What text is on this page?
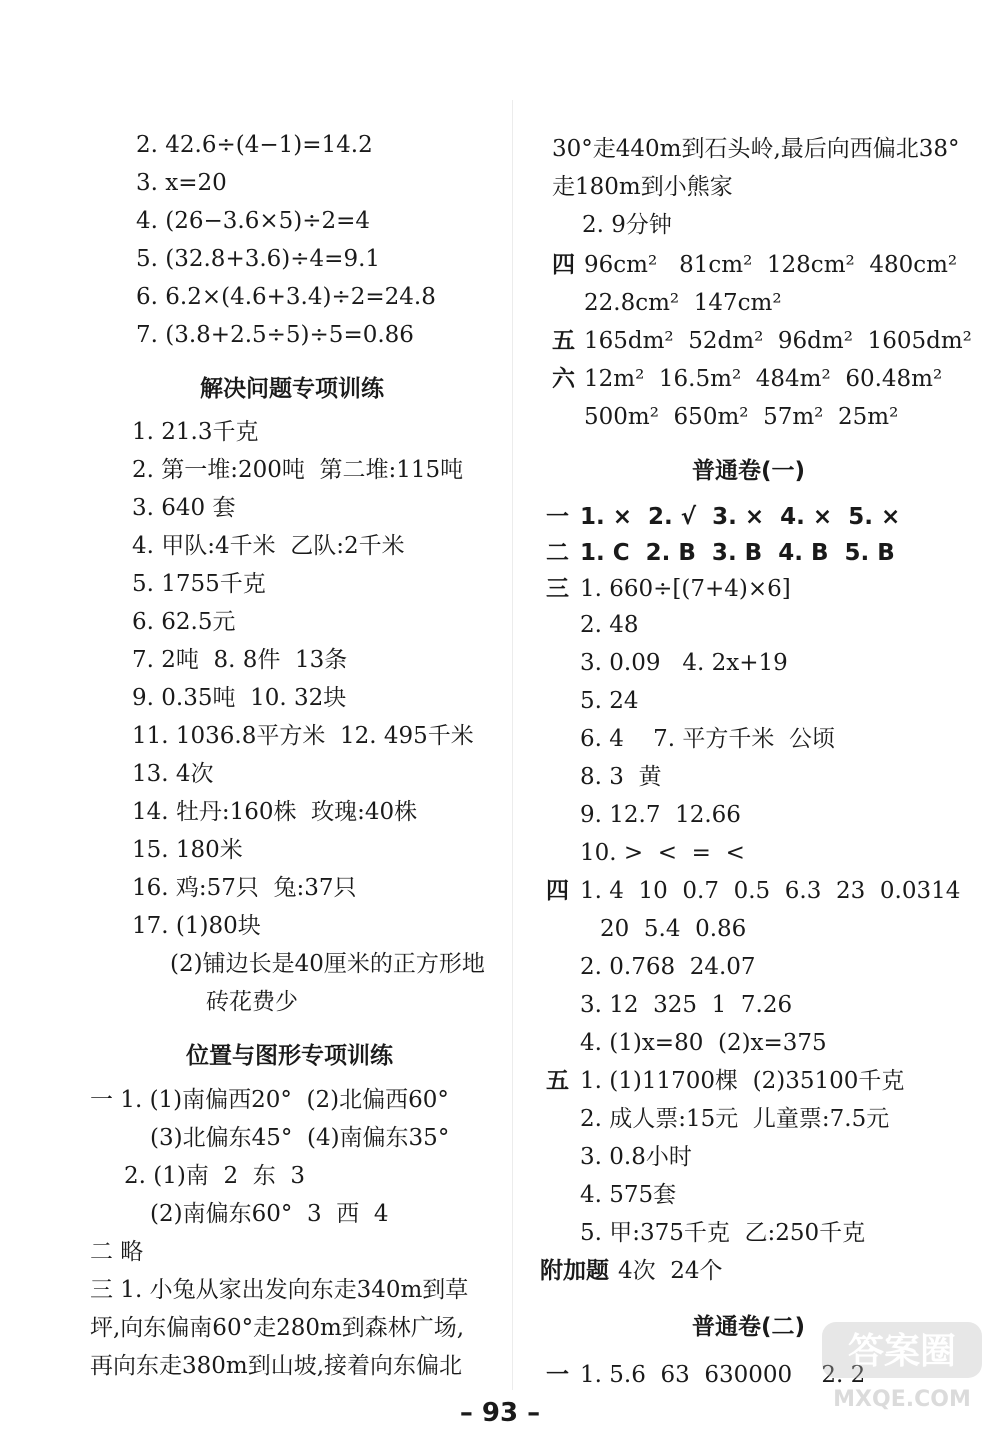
2. 42.6÷(4−1)=14.2
3. x=20
4. (26−3.6×5)÷2=4
5. (32.8+3.6)÷4=9.1
6. 6.2×(4.6+3.4)÷2=24.8
7. (3.8+2.5÷5)÷5=0.86
解决问题专项训练
1. 21.3千克
2. 第一堆:200吨  第二堆:115吨
3. 640 套
4. 甲队:4千米  乙队:2千米
5. 1755千克
6. 62.5元
7. 2吨  8. 8件  13条
9. 0.35吨  10. 32块
11. 1036.8平方米  12. 495千米
13. 4次
14. 牡丹:160株  玫瑰:40株
15. 180米
16. 鸡:57只  兔:37只
17. (1)80块
(2)铺边长是40厘米的正方形地
砖花费少
位置与图形专项训练
一 1. (1)南偏西20°  (2)北偏西60°
(3)北偏东45°  (4)南偏东35°
2. (1)南  2  东  3
(2)南偏东60°  3  西  4
二 略
三 1. 小兔从家出发向东走340m到草
坪,向东偏南60°走280m到森林广场,
再向东走380m到山坡,接着向东偏北
30°走440m到石头岭,最后向西偏北38°
走180m到小熊家
2. 9分钟
四 96cm²   81cm²  128cm²  480cm²
22.8cm²  147cm²
五 165dm²  52dm²  96dm²  1605dm²
六 12m²  16.5m²  484m²  60.48m²
500m²  650m²  57m²  25m²
普通卷(一)
一 1. ×  2. √  3. ×  4. ×  5. ×
二 1. C  2. B  3. B  4. B  5. B
三 1. 660÷[(7+4)×6]
2. 48
3. 0.09   4. 2x+19
5. 24
6. 4    7. 平方千米  公顷
8. 3  黄
9. 12.7  12.66
10. >  <  =  <
四 1. 4  10  0.7  0.5  6.3  23  0.0314
20  5.4  0.86
2. 0.768  24.07
3. 12  325  1  7.26
4. (1)x=80  (2)x=375
五 1. (1)11700棵  (2)35100千克
2. 成人票:15元  儿童票:7.5元
3. 0.8小时
4. 575套
5. 甲:375千克  乙:250千克
附加题 4次  24个
普通卷(二)
一 1. 5.6  63  630000    2. 2
答案圈
MXQE.COM
– 93 –
